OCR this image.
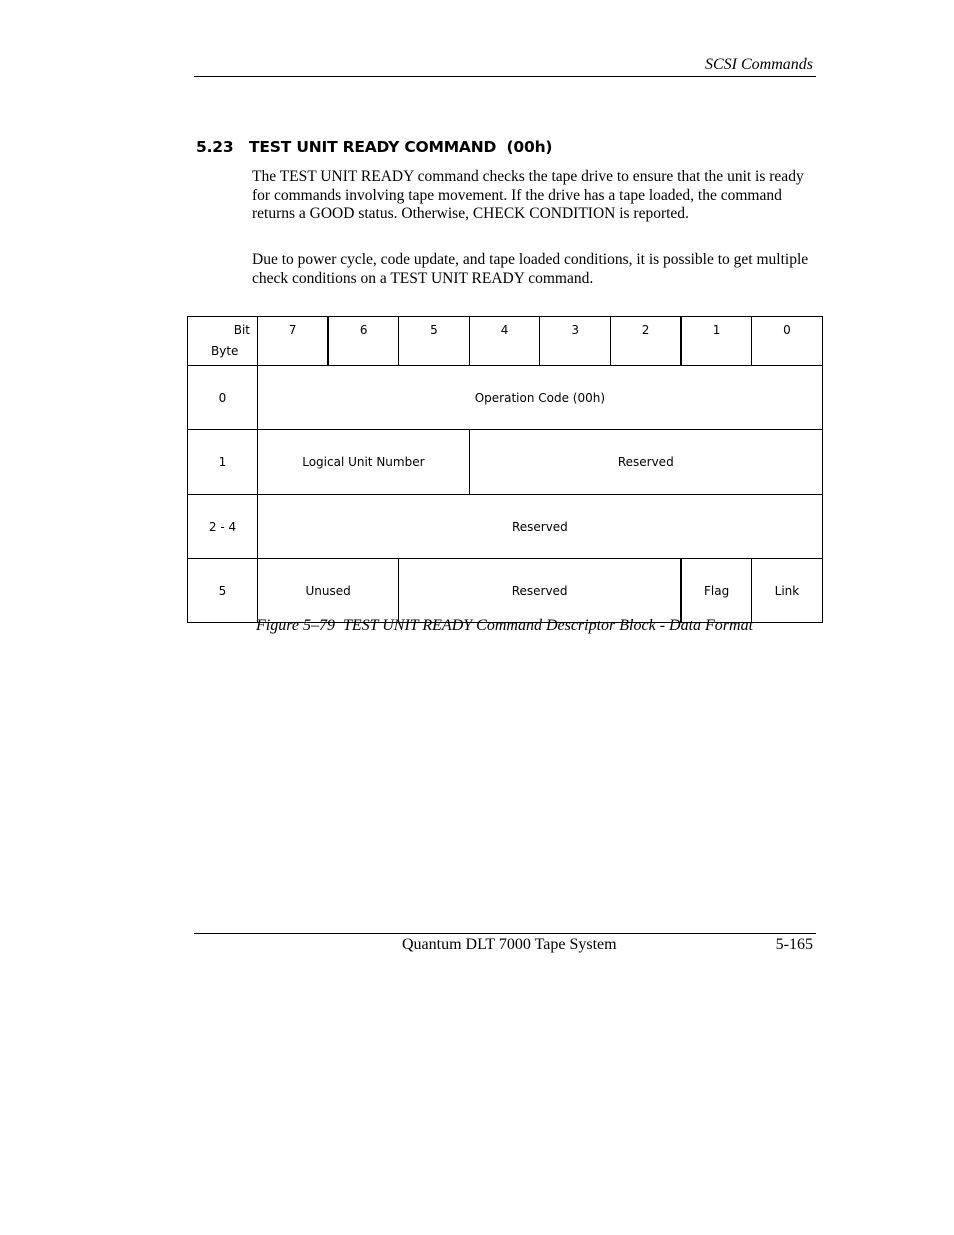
SCSI Commands
5.23 TEST UNIT READY COMMAND  (00h)

The TEST UNIT READY command checks the tape drive to ensure that the unit is ready for commands involving tape movement. If the drive has a tape loaded, the command returns a GOOD status. Otherwise, CHECK CONDITION is reported.

Due to power cycle, code update, and tape loaded conditions, it is possible to get multiple check conditions on a TEST UNIT READY command.

Bit
Byte	7	6	5	4	3	2	1	0
0	Operation Code (00h)							
1	Logical Unit Number			Reserved				
2 - 4	Reserved							
5	Unused		Reserved				Flag	Link
Figure 5–79  TEST UNIT READY Command Descriptor Block - Data Format
Quantum DLT 7000 Tape System	5-165
